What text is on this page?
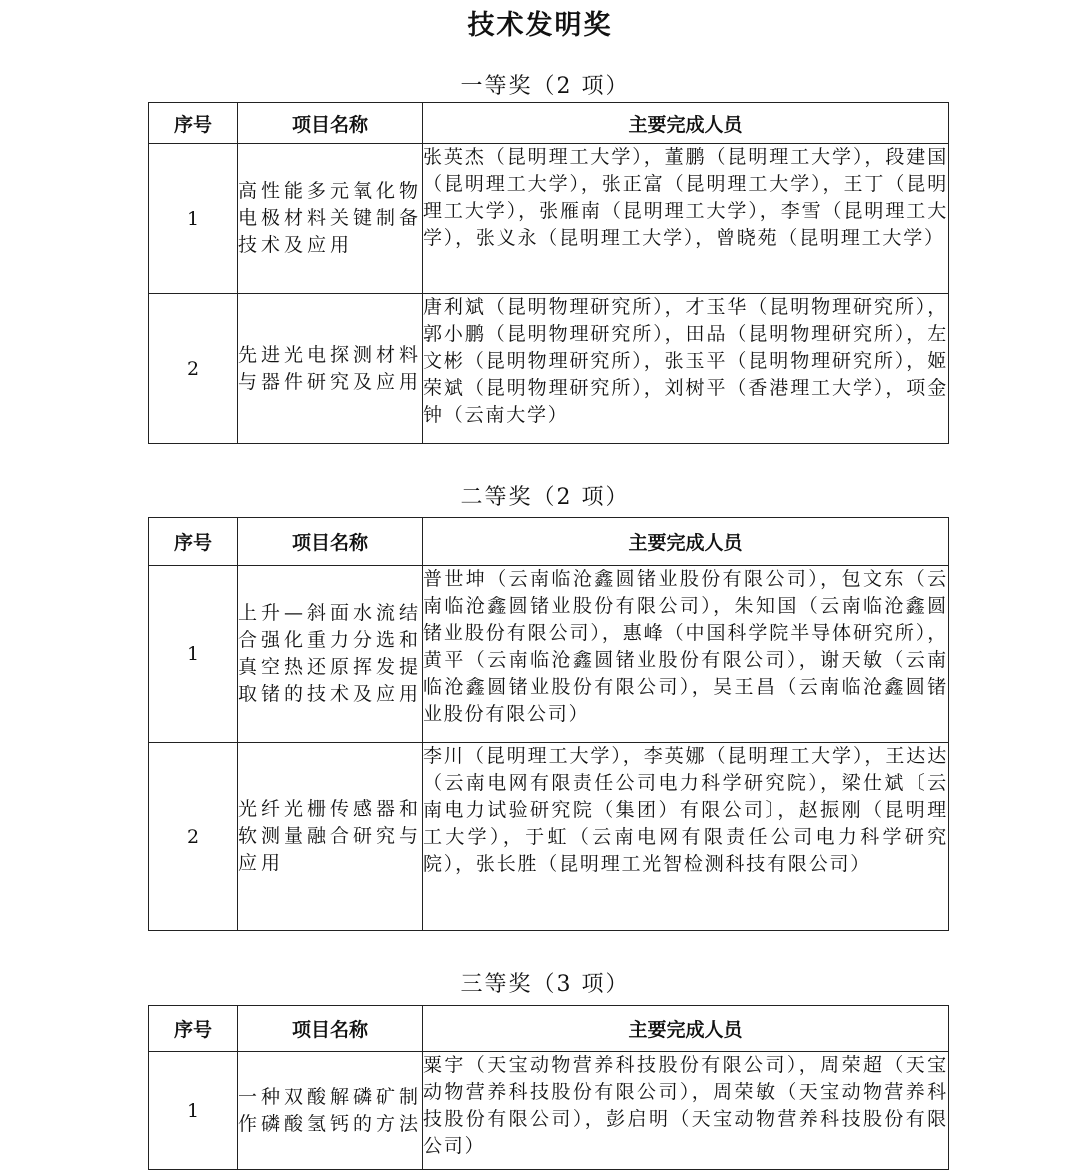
技术发明奖
一等奖（2 项）
序号	项目名称	主要完成人员
1	高性能多元氧化物电极材料关键制备技术及应用	张英杰（昆明理工大学），董鹏（昆明理工大学），段建国（昆明理工大学），张正富（昆明理工大学），王丁（昆明理工大学），张雁南（昆明理工大学），李雪（昆明理工大学），张义永（昆明理工大学），曾晓苑（昆明理工大学）
2	先进光电探测材料与器件研究及应用	唐利斌（昆明物理研究所），才玉华（昆明物理研究所），郭小鹏（昆明物理研究所），田品（昆明物理研究所），左文彬（昆明物理研究所），张玉平（昆明物理研究所），姬荣斌（昆明物理研究所），刘树平（香港理工大学），项金钟（云南大学）
二等奖（2 项）
序号	项目名称	主要完成人员
1	上升—斜面水流结合强化重力分选和真空热还原挥发提取锗的技术及应用	普世坤（云南临沧鑫圆锗业股份有限公司），包文东（云南临沧鑫圆锗业股份有限公司），朱知国（云南临沧鑫圆锗业股份有限公司），惠峰（中国科学院半导体研究所），黄平（云南临沧鑫圆锗业股份有限公司），谢天敏（云南临沧鑫圆锗业股份有限公司），吴王昌（云南临沧鑫圆锗业股份有限公司）
2	光纤光栅传感器和软测量融合研究与应用	李川（昆明理工大学），李英娜（昆明理工大学），王达达（云南电网有限责任公司电力科学研究院），梁仕斌〔云南电力试验研究院（集团）有限公司〕，赵振刚（昆明理工大学），于虹（云南电网有限责任公司电力科学研究院），张长胜（昆明理工光智检测科技有限公司）
三等奖（3 项）
序号	项目名称	主要完成人员
1	一种双酸解磷矿制作磷酸氢钙的方法	粟宇（天宝动物营养科技股份有限公司），周荣超（天宝动物营养科技股份有限公司），周荣敏（天宝动物营养科技股份有限公司），彭启明（天宝动物营养科技股份有限公司）
